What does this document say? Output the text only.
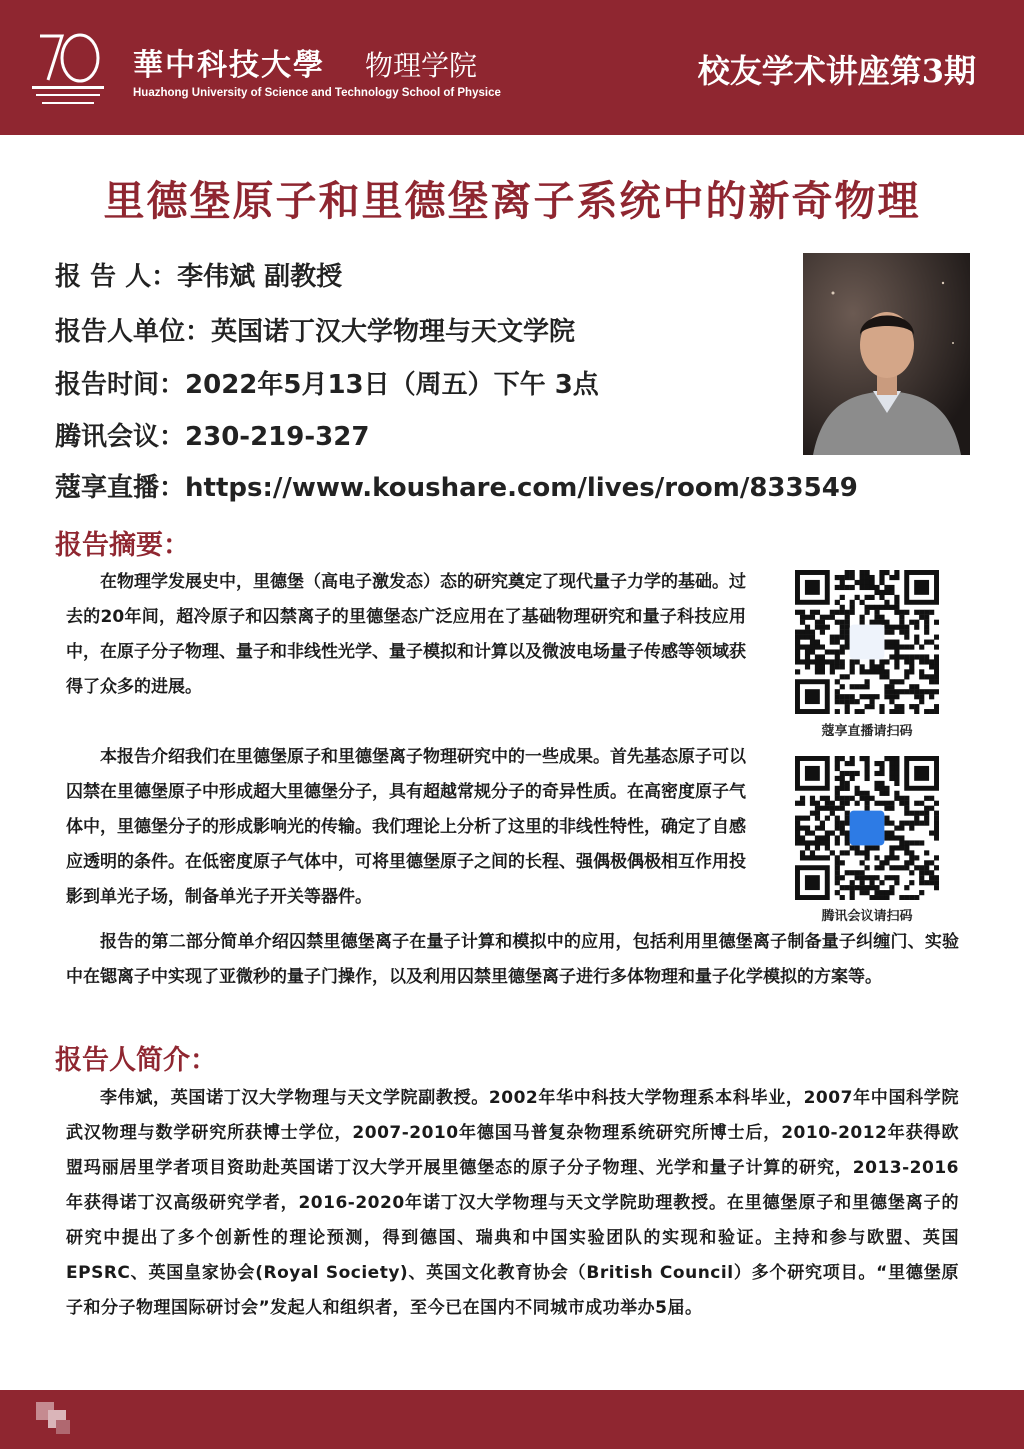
華中科技大學 物理学院
Huazhong University of Science and Technology School of Physice
校友学术讲座第3期
里德堡原子和里德堡离子系统中的新奇物理
报 告 人：李伟斌 副教授
报告人单位：英国诺丁汉大学物理与天文学院
报告时间：2022年5月13日（周五）下午 3点
腾讯会议：230-219-327
蔻享直播：https://www.koushare.com/lives/room/833549
报告摘要：

在物理学发展史中，里德堡（高电子激发态）态的研究奠定了现代量子力学的基础。过去的20年间，超冷原子和囚禁离子的里德堡态广泛应用在了基础物理研究和量子科技应用中，在原子分子物理、量子和非线性光学、量子模拟和计算以及微波电场量子传感等领域获得了众多的进展。

本报告介绍我们在里德堡原子和里德堡离子物理研究中的一些成果。首先基态原子可以囚禁在里德堡原子中形成超大里德堡分子，具有超越常规分子的奇异性质。在高密度原子气体中，里德堡分子的形成影响光的传输。我们理论上分析了这里的非线性特性，确定了自感应透明的条件。在低密度原子气体中，可将里德堡原子之间的长程、强偶极偶极相互作用投影到单光子场，制备单光子开关等器件。

报告的第二部分简单介绍囚禁里德堡离子在量子计算和模拟中的应用，包括利用里德堡离子制备量子纠缠门、实验中在锶离子中实现了亚微秒的量子门操作，以及利用囚禁里德堡离子进行多体物理和量子化学模拟的方案等。

蔻享直播请扫码
腾讯会议请扫码
报告人简介：

李伟斌，英国诺丁汉大学物理与天文学院副教授。2002年华中科技大学物理系本科毕业，2007年中国科学院武汉物理与数学研究所获博士学位，2007-2010年德国马普复杂物理系统研究所博士后，2010-2012年获得欧盟玛丽居里学者项目资助赴英国诺丁汉大学开展里德堡态的原子分子物理、光学和量子计算的研究，2013-2016年获得诺丁汉高级研究学者，2016-2020年诺丁汉大学物理与天文学院助理教授。在里德堡原子和里德堡离子的研究中提出了多个创新性的理论预测，得到德国、瑞典和中国实验团队的实现和验证。主持和参与欧盟、英国EPSRC、英国皇家协会(Royal Society)、英国文化教育协会（British Council）多个研究项目。“里德堡原子和分子物理国际研讨会”发起人和组织者，至今已在国内不同城市成功举办5届。
